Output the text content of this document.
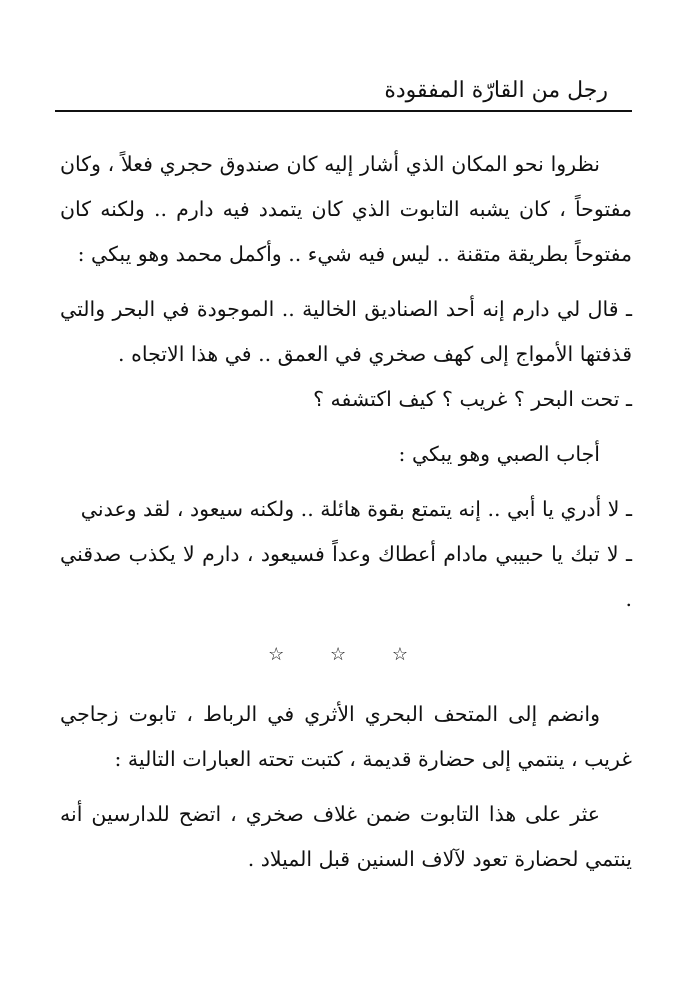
رجل من القارّة المفقودة

نظروا نحو المكان الذي أشار إليه كان صندوق حجري فعلاً ، وكان مفتوحاً ، كان يشبه التابوت الذي كان يتمدد فيه دارم .. ولكنه كان مفتوحاً بطريقة متقنة .. ليس فيه شيء .. وأكمل محمد وهو يبكي :

ـ قال لي دارم إنه أحد الصناديق الخالية .. الموجودة في البحر والتي قذفتها الأمواج إلى كهف صخري في العمق .. في هذا الاتجاه .

ـ تحت البحر ؟ غريب ؟ كيف اكتشفه ؟

أجاب الصبي وهو يبكي :

ـ لا أدري يا أبي .. إنه يتمتع بقوة هائلة .. ولكنه سيعود ، لقد وعدني

ـ لا تبك يا حبيبي مادام أعطاك وعداً فسيعود ، دارم لا يكذب صدقني .

☆ ☆ ☆

وانضم إلى المتحف البحري الأثري في الرباط ، تابوت زجاجي غريب ، ينتمي إلى حضارة قديمة ، كتبت تحته العبارات التالية :

عثر على هذا التابوت ضمن غلاف صخري ، اتضح للدارسين أنه ينتمي لحضارة تعود لآلاف السنين قبل الميلاد .
